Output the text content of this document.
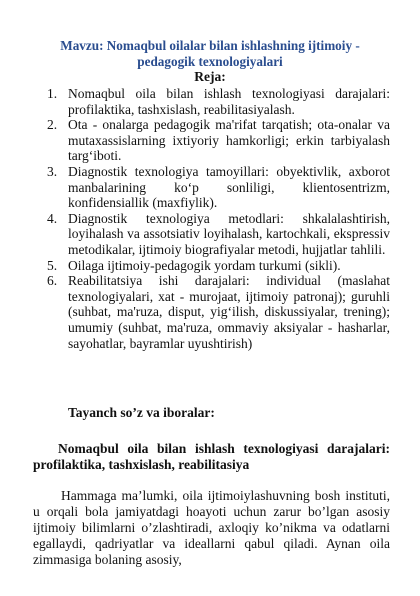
Mavzu: Nomaqbul oilalar bilan ishlashning ijtimoiy - pedagogik texnologiyalari
Reja:
1. Nomaqbul oila bilan ishlash texnologiyasi darajalari: profilaktika, tashxislash, reabilitasiyalash.
2. Ota - onalarga pedagogik ma'rifat tarqatish; ota-onalar va mutaxassislarning ixtiyoriy hamkorligi; erkin tarbiyalash targ‘iboti.
3. Diagnostik texnologiya tamoyillari: obyektivlik, axborot manbalarining ko‘p sonliligi, klientosentrizm, konfidensiallik (maxfiylik).
4. Diagnostik texnologiya metodlari: shkalalashtirish, loyihalash va assotsiativ loyihalash, kartochkali, ekspressiv metodikalar, ijtimoiy biografiyalar metodi, hujjatlar tahlili.
5. Oilaga ijtimoiy-pedagogik yordam turkumi (sikli).
6. Reabilitatsiya ishi darajalari: individual (maslahat texnologiyalari, xat - murojaat, ijtimoiy patronaj); guruhli (suhbat, ma'ruza, disput, yig‘ilish, diskussiyalar, trening); umumiy (suhbat, ma'ruza, ommaviy aksiyalar - hasharlar, sayohatlar, bayramlar uyushtirish)
Tayanch so’z va iboralar:
Nomaqbul oila bilan ishlash texnologiyasi darajalari: profilaktika, tashxislash, reabilitasiya
Hammaga ma’lumki, oila ijtimoiylashuvning bosh instituti, u orqali bola jamiyatdagi hoayoti uchun zarur bo’lgan asosiy ijtimoiy bilimlarni o’zlashtiradi, axloqiy ko’nikma va odatlarni egallaydi, qadriyatlar va ideallarni qabul qiladi. Aynan oila zimmasiga bolaning asosiy,
